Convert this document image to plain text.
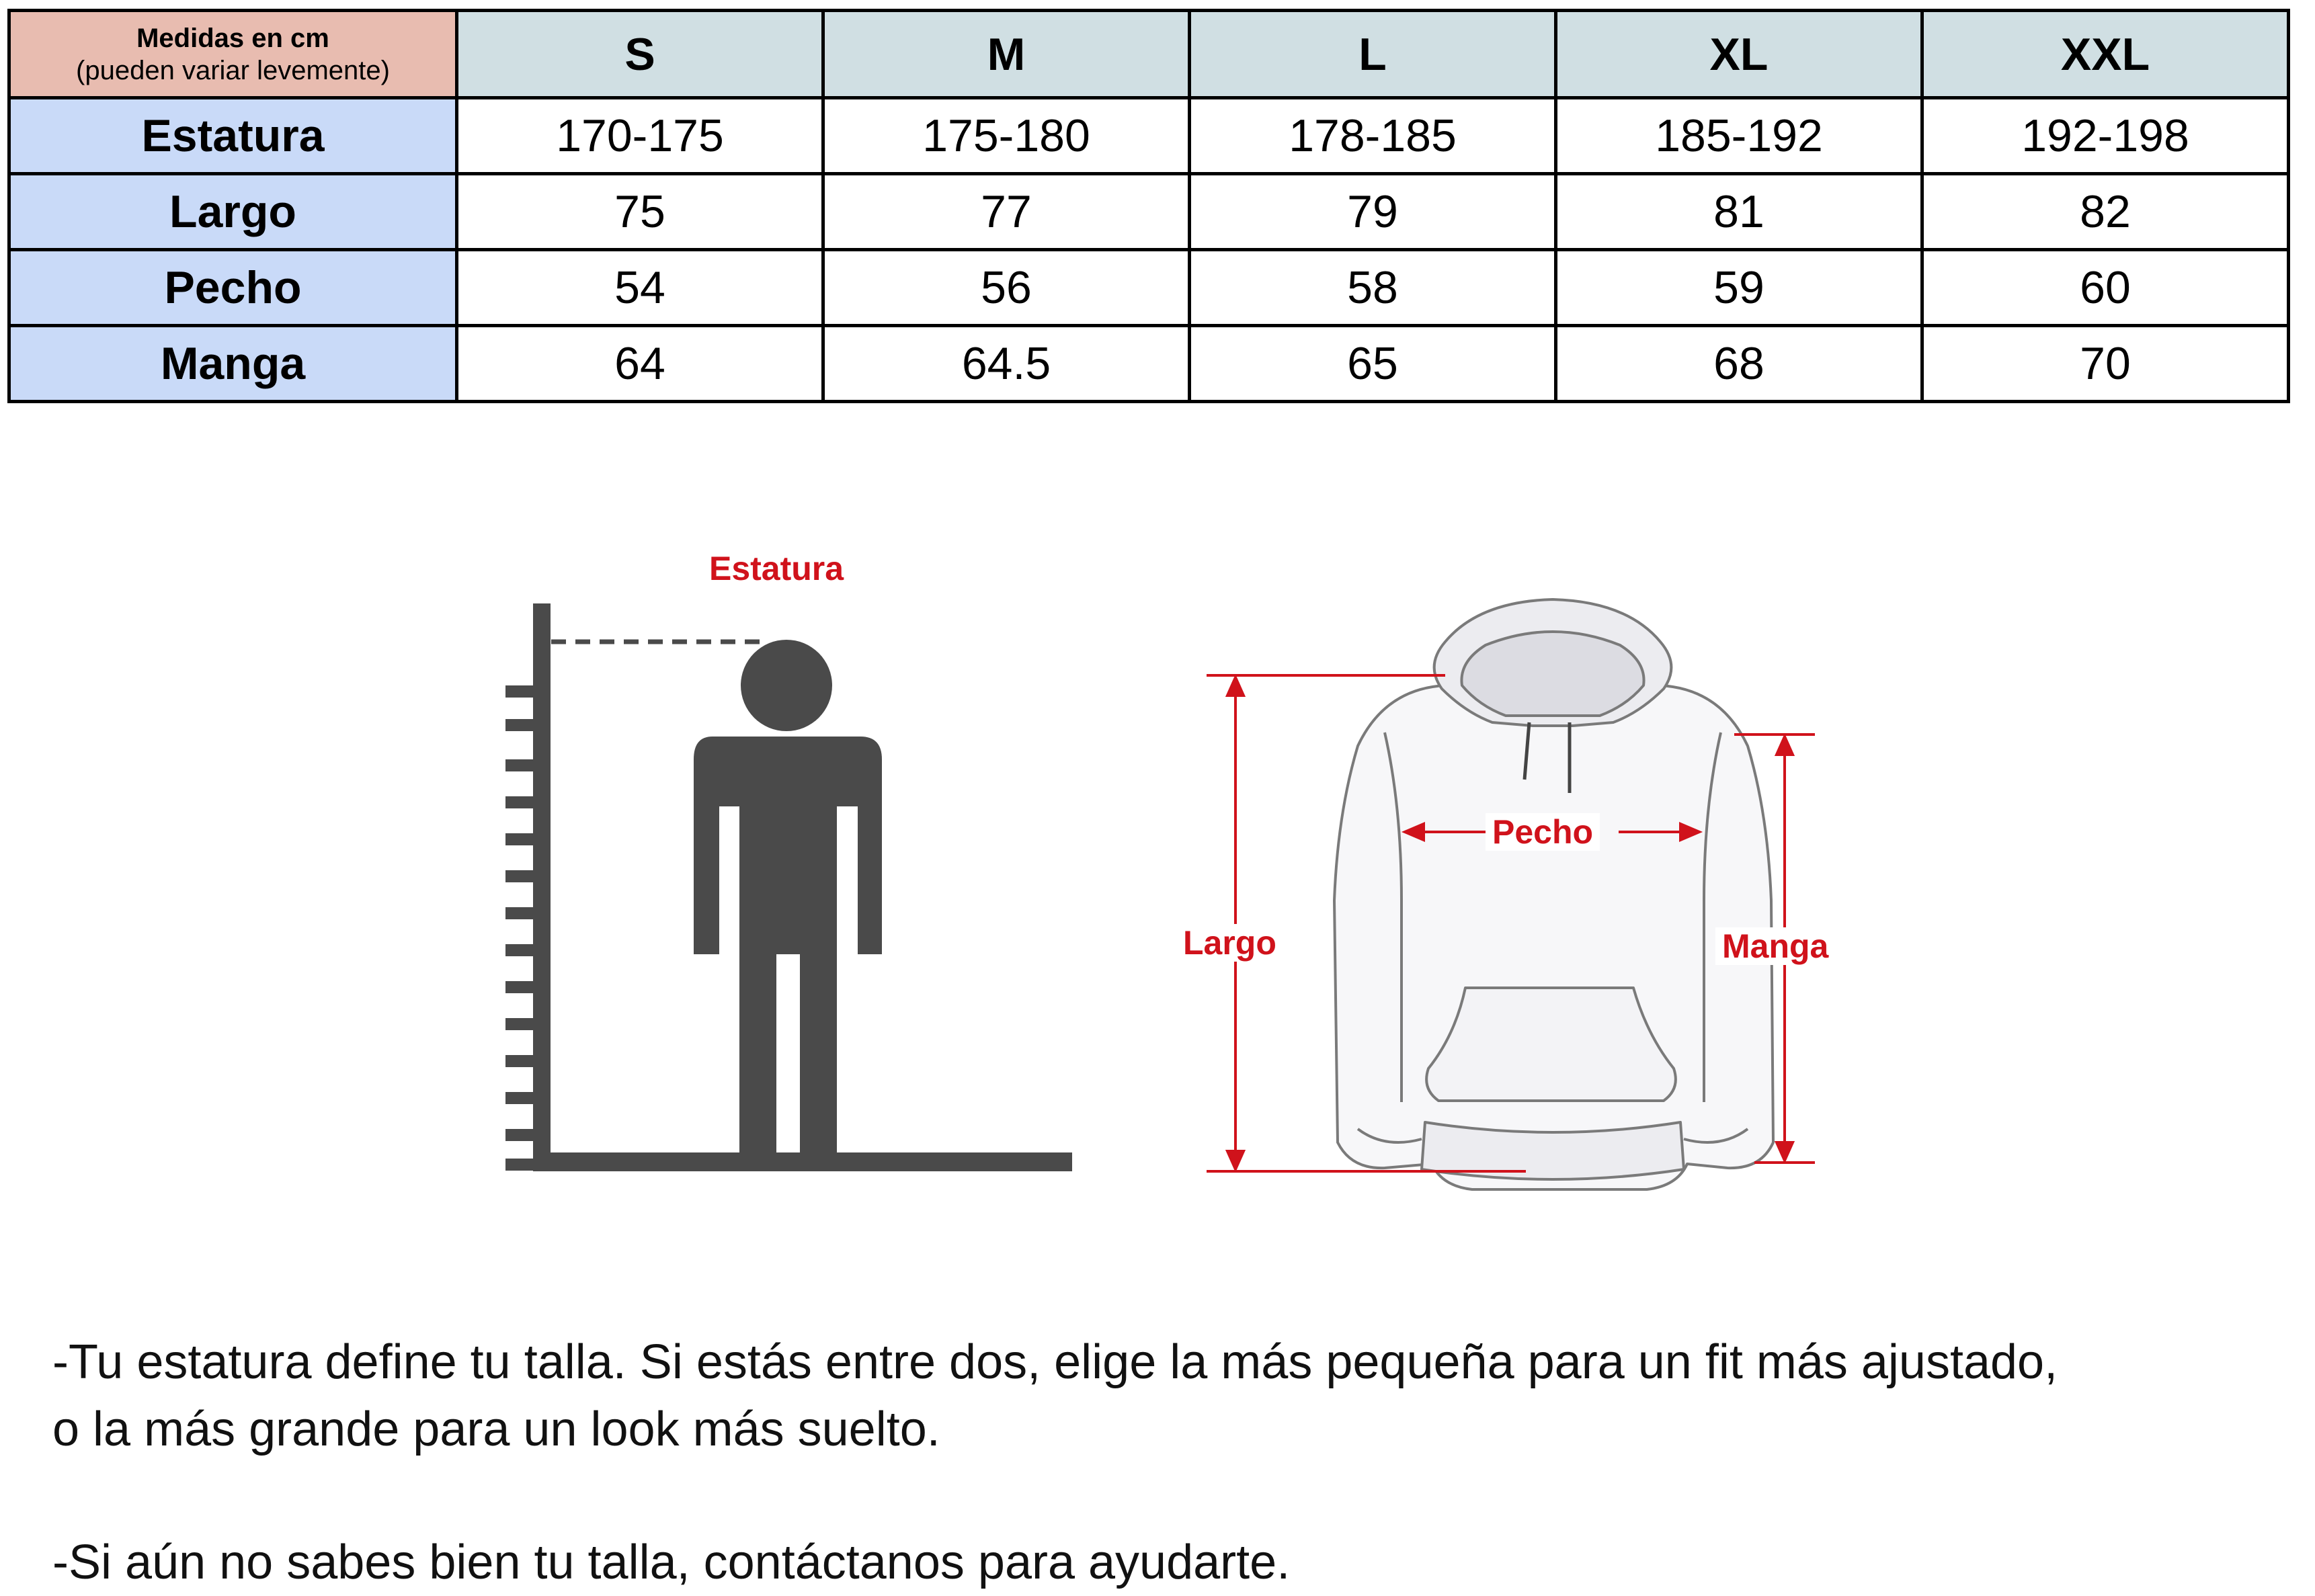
Medidas en cm
(pueden variar levemente)	S	M	L	XL	XXL
Estatura	170-175	175-180	178-185	185-192	192-198
Largo	75	77	79	81	82
Pecho	54	56	58	59	60
Manga	64	64.5	65	68	70
Estatura
Pecho
Largo	Manga
-Tu estatura define tu talla. Si estás entre dos, elige la más pequeña para un fit más ajustado,
o la más grande para un look más suelto.
-Si aún no sabes bien tu talla, contáctanos para ayudarte.
